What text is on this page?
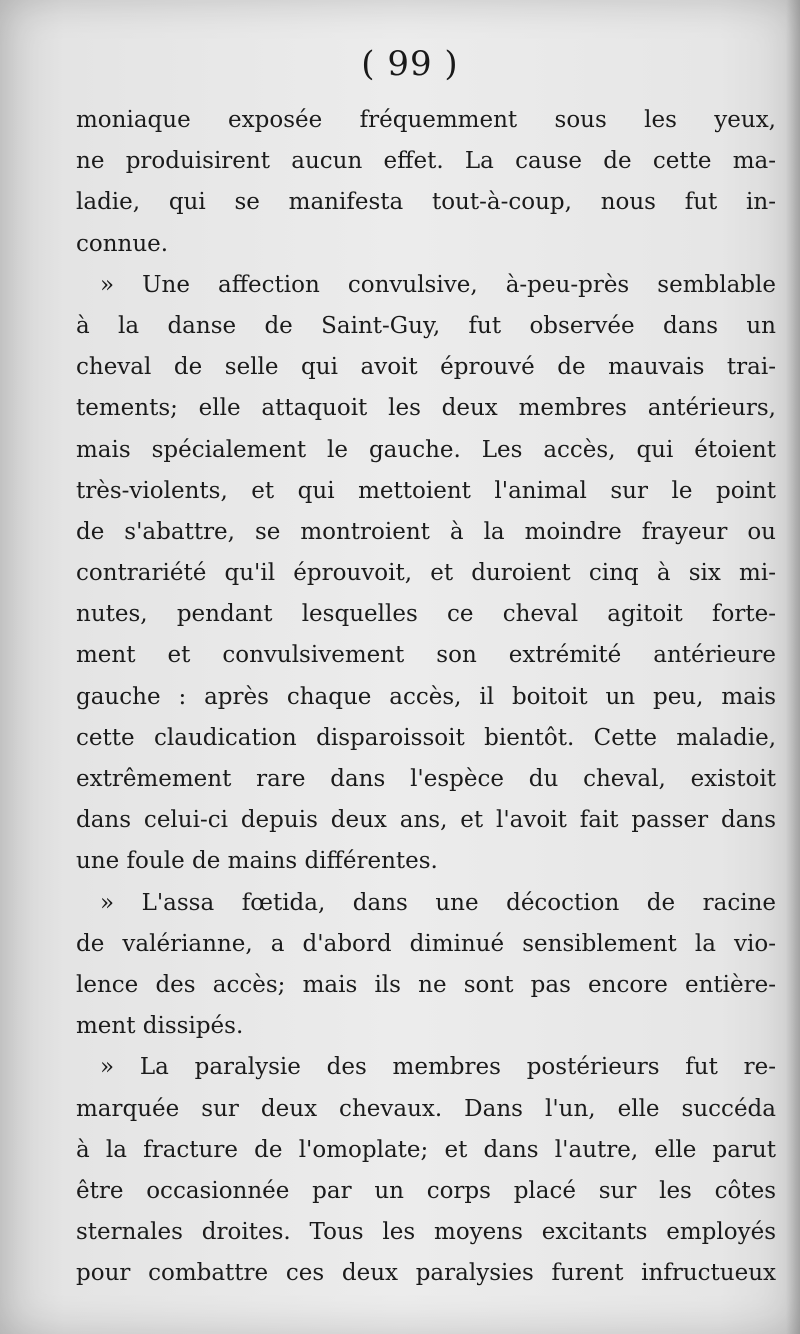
( 99 )
moniaque exposée fréquemment sous les yeux,
ne produisirent aucun effet. La cause de cette ma-
ladie, qui se manifesta tout-à-coup, nous fut in-
connue.
» Une affection convulsive, à-peu-près semblable
à la danse de Saint-Guy, fut observée dans un
cheval de selle qui avoit éprouvé de mauvais trai-
tements; elle attaquoit les deux membres antérieurs,
mais spécialement le gauche. Les accès, qui étoient
très-violents, et qui mettoient l'animal sur le point
de s'abattre, se montroient à la moindre frayeur ou
contrariété qu'il éprouvoit, et duroient cinq à six mi-
nutes, pendant lesquelles ce cheval agitoit forte-
ment et convulsivement son extrémité antérieure
gauche : après chaque accès, il boitoit un peu, mais
cette claudication disparoissoit bientôt. Cette maladie,
extrêmement rare dans l'espèce du cheval, existoit
dans celui-ci depuis deux ans, et l'avoit fait passer dans
une foule de mains différentes.
» L'assa fœtida, dans une décoction de racine
de valérianne, a d'abord diminué sensiblement la vio-
lence des accès; mais ils ne sont pas encore entière-
ment dissipés.
» La paralysie des membres postérieurs fut re-
marquée sur deux chevaux. Dans l'un, elle succéda
à la fracture de l'omoplate; et dans l'autre, elle parut
être occasionnée par un corps placé sur les côtes
sternales droites. Tous les moyens excitants employés
pour combattre ces deux paralysies furent infructueux
